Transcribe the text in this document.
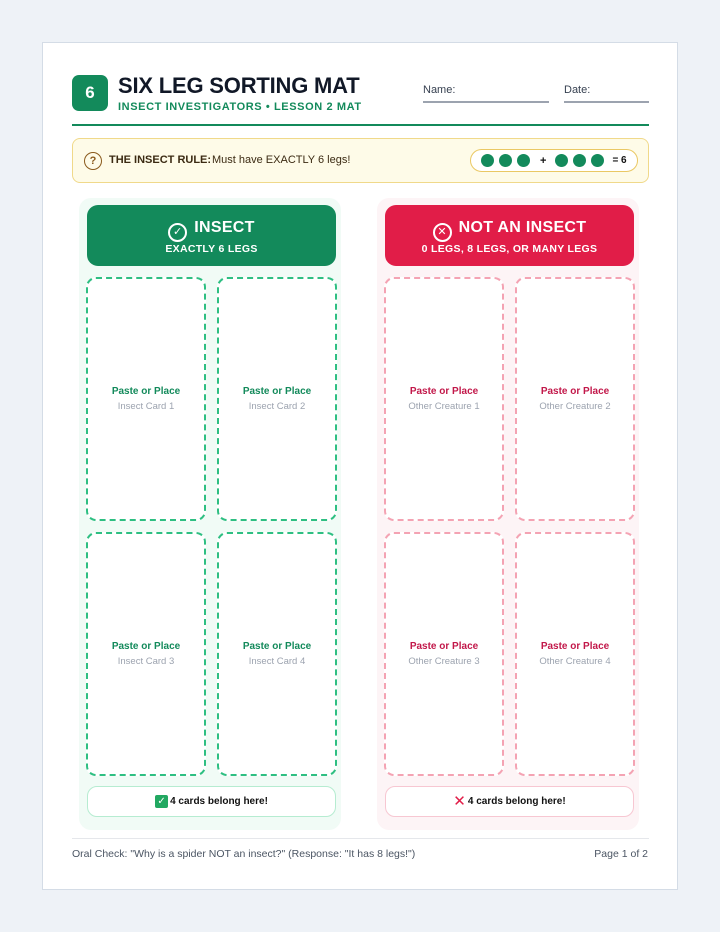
6	SIX LEG SORTING MAT
INSECT INVESTIGATORS • LESSON 2 MAT
Name:	Date:
?	THE INSECT RULE: Must have EXACTLY 6 legs!	+	= 6
✓ INSECT
EXACTLY 6 LEGS
Paste or Place
Insect Card 1
Paste or Place
Insect Card 2
Paste or Place
Insect Card 3
Paste or Place
Insect Card 4
✓ 4 cards belong here!
✕ NOT AN INSECT
0 LEGS, 8 LEGS, OR MANY LEGS
Paste or Place
Other Creature 1
Paste or Place
Other Creature 2
Paste or Place
Other Creature 3
Paste or Place
Other Creature 4
✕ 4 cards belong here!
Oral Check: "Why is a spider NOT an insect?" (Response: "It has 8 legs!")	Page 1 of 2
